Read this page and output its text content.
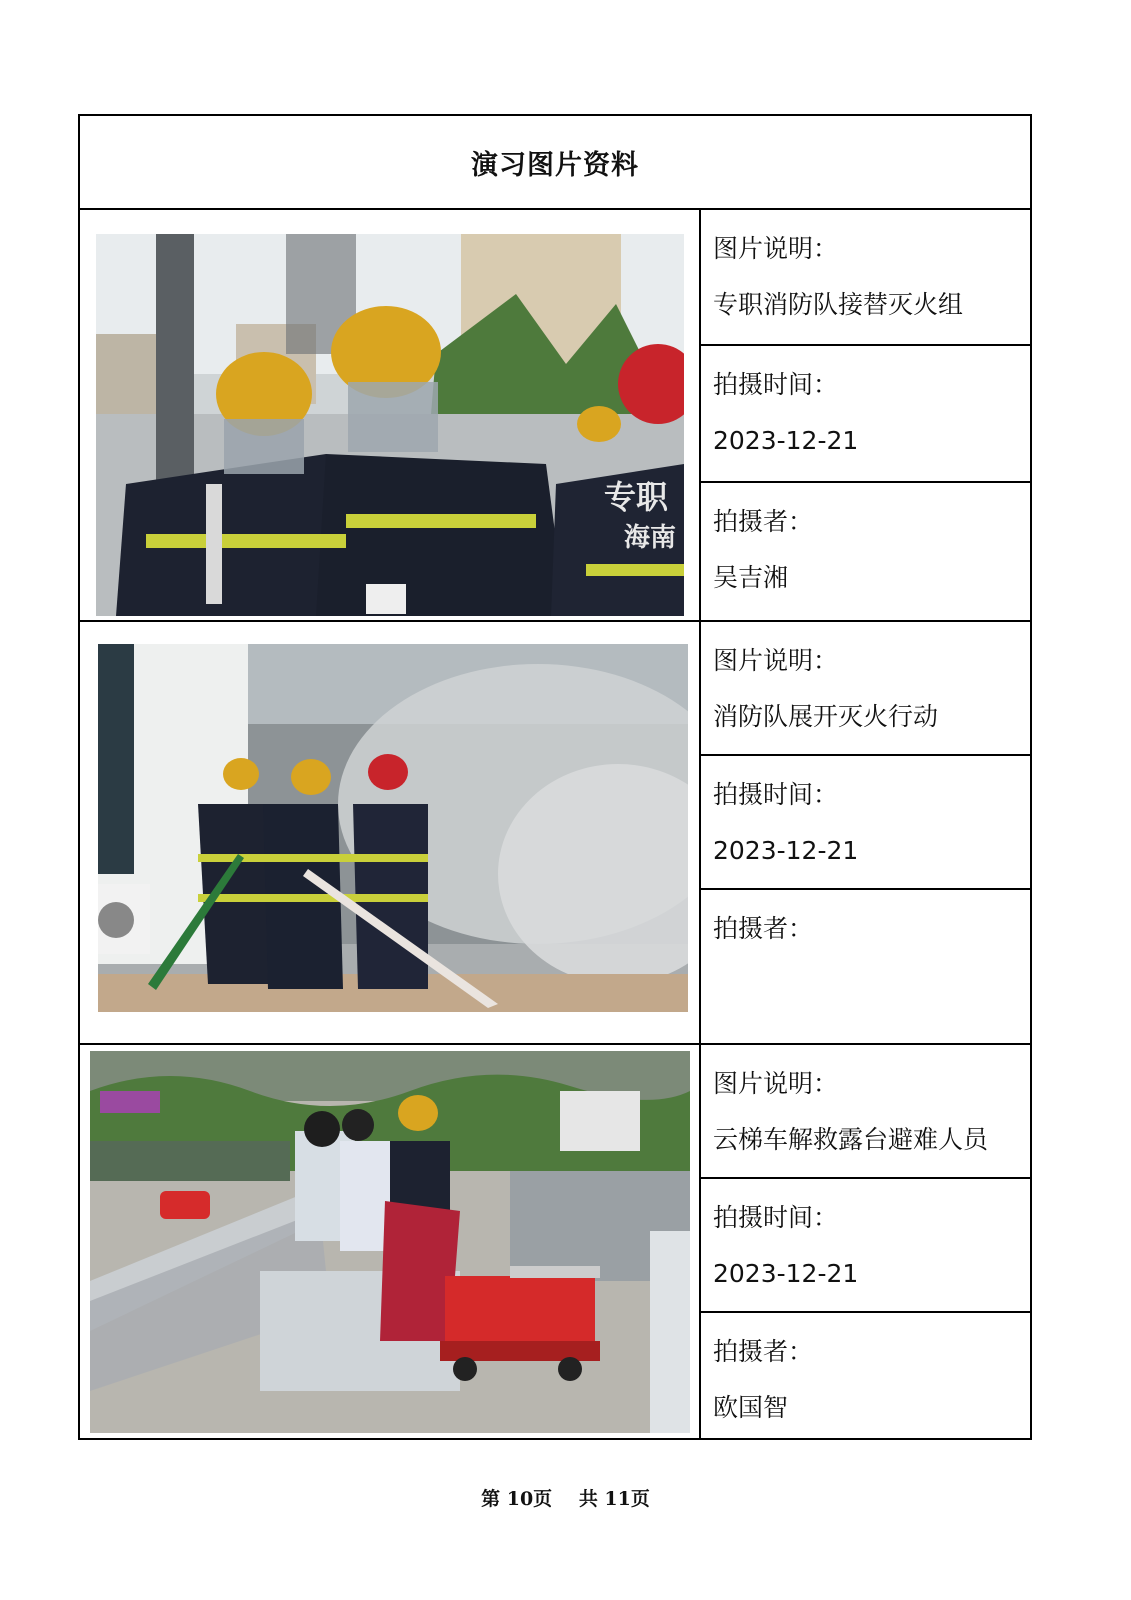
演习图片资料
专职
海南
图片说明：
专职消防队接替灭火组
拍摄时间：
2023-12-21
拍摄者：
吴吉湘
图片说明：
消防队展开灭火行动
拍摄时间：
2023-12-21
拍摄者：
图片说明：
云梯车解救露台避难人员
拍摄时间：
2023-12-21
拍摄者：
欧国智
第 10页 共 11页
